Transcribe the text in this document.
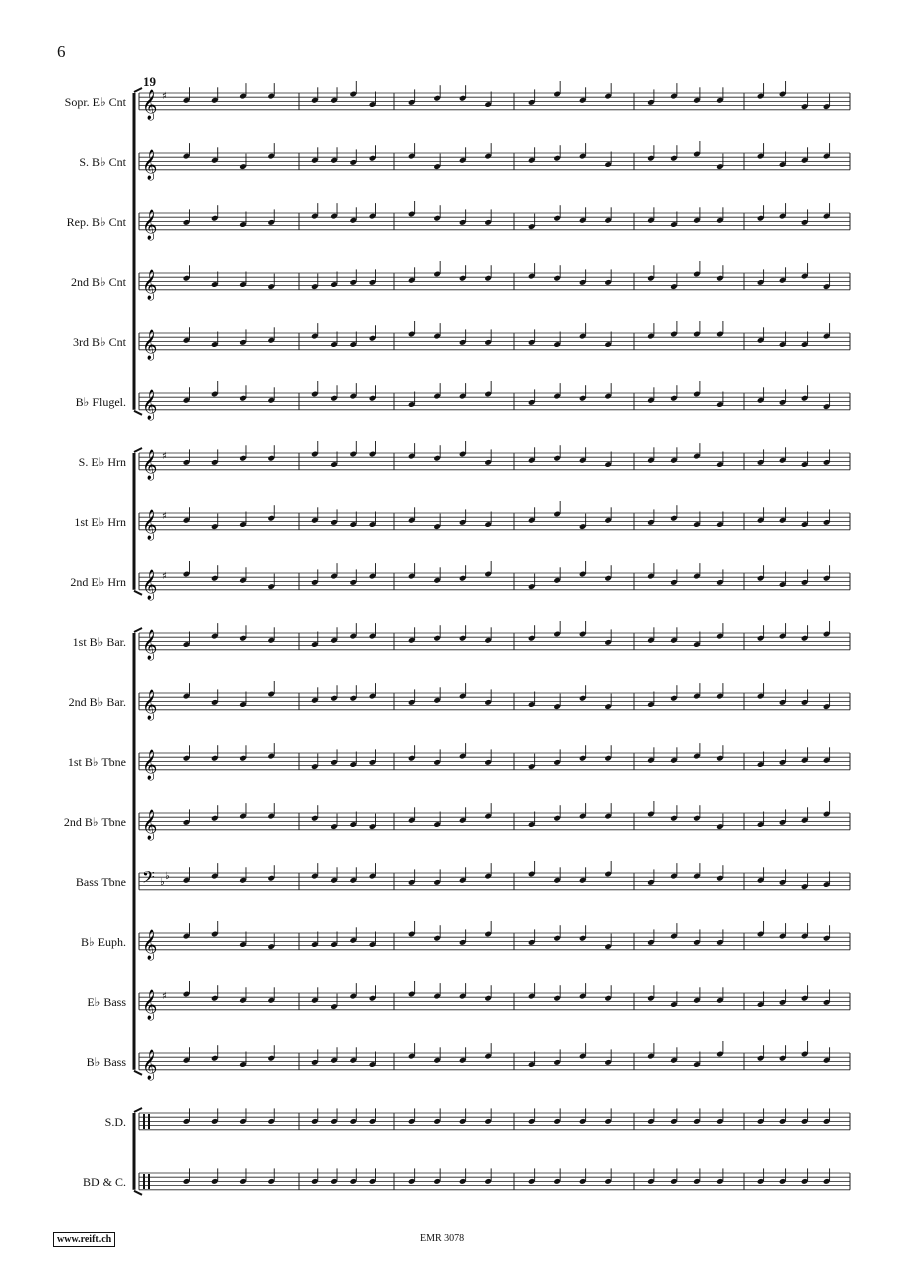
6
19
𝄞 ♯
𝄞
𝄞
𝄞
𝄞
𝄞
𝄞 ♯
𝄞 ♯
𝄞 ♯
𝄞
𝄞
𝄞
𝄞
𝄢 ♭
♭
𝄞
𝄞 ♯
𝄞
Sopr. E♭ Cnt
S. B♭ Cnt
Rep. B♭ Cnt
2nd B♭ Cnt
3rd B♭ Cnt
B♭ Flugel.
S. E♭ Hrn
1st E♭ Hrn
2nd E♭ Hrn
1st B♭ Bar.
2nd B♭ Bar.
1st B♭ Tbne
2nd B♭ Tbne
Bass Tbne
B♭ Euph.
E♭ Bass
B♭ Bass
S.D.
BD & C.
www.reift.ch	EMR 3078
